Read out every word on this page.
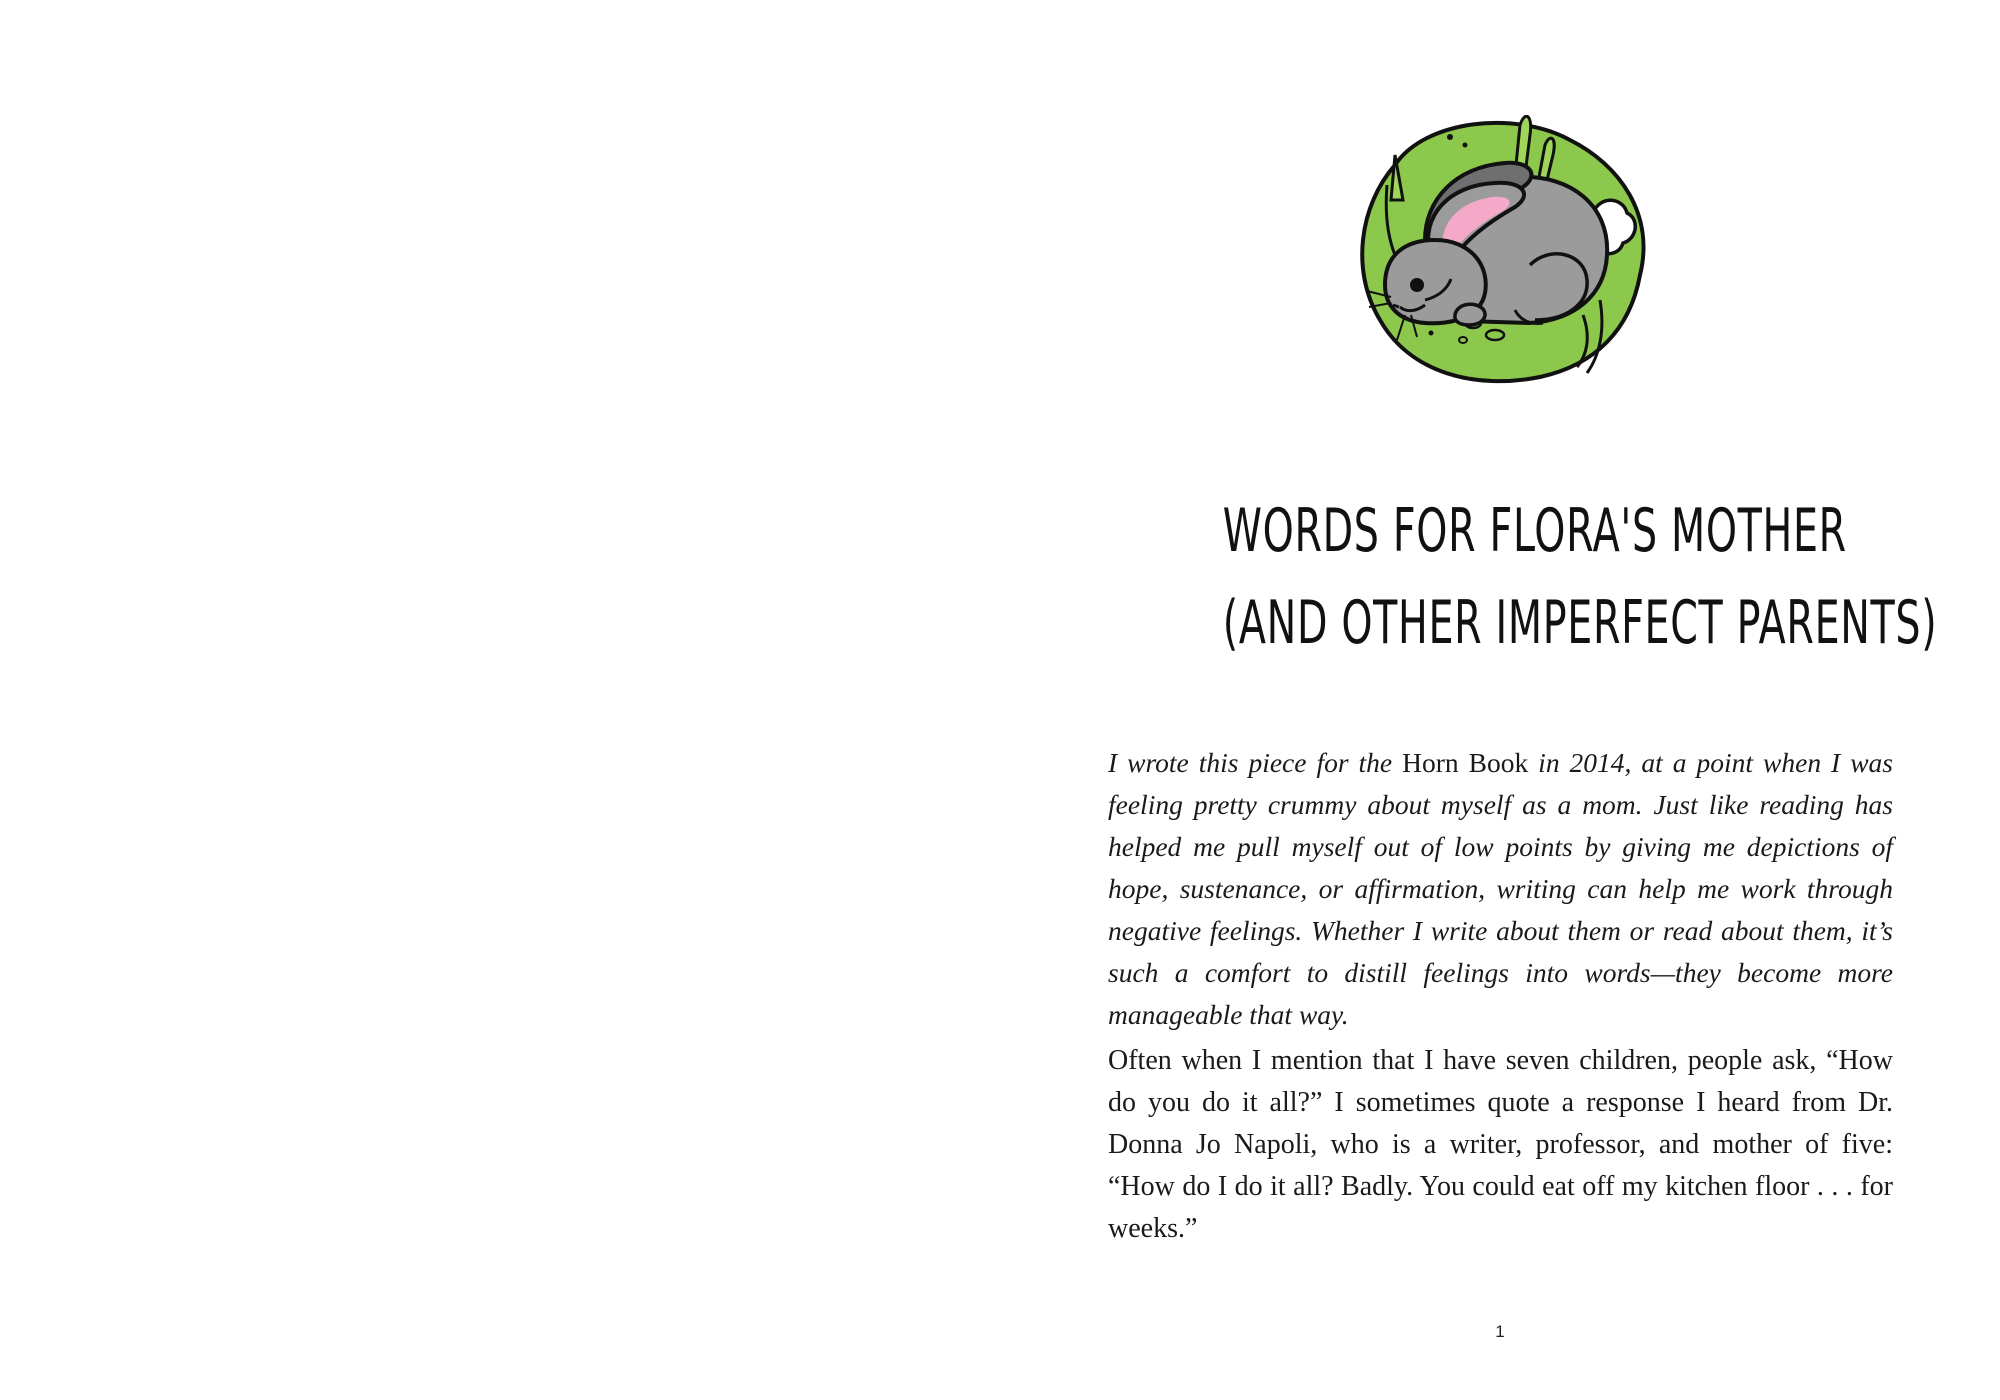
WORDS FOR FLORA'S MOTHER
(AND OTHER IMPERFECT PARENTS)

I wrote this piece for the Horn Book in 2014, at a point when I was feeling pretty crummy about myself as a mom. Just like reading has helped me pull myself out of low points by giving me depictions of hope, sustenance, or affirmation, writing can help me work through negative feelings. Whether I write about them or read about them, it’s such a comfort to distill feelings into words—they become more manageable that way.

Often when I mention that I have seven children, people ask, “How do you do it all?” I sometimes quote a response I heard from Dr. Donna Jo Napoli, who is a writer, professor, and mother of five: “How do I do it all? Badly. You could eat off my kitchen floor . . . for weeks.”

1
